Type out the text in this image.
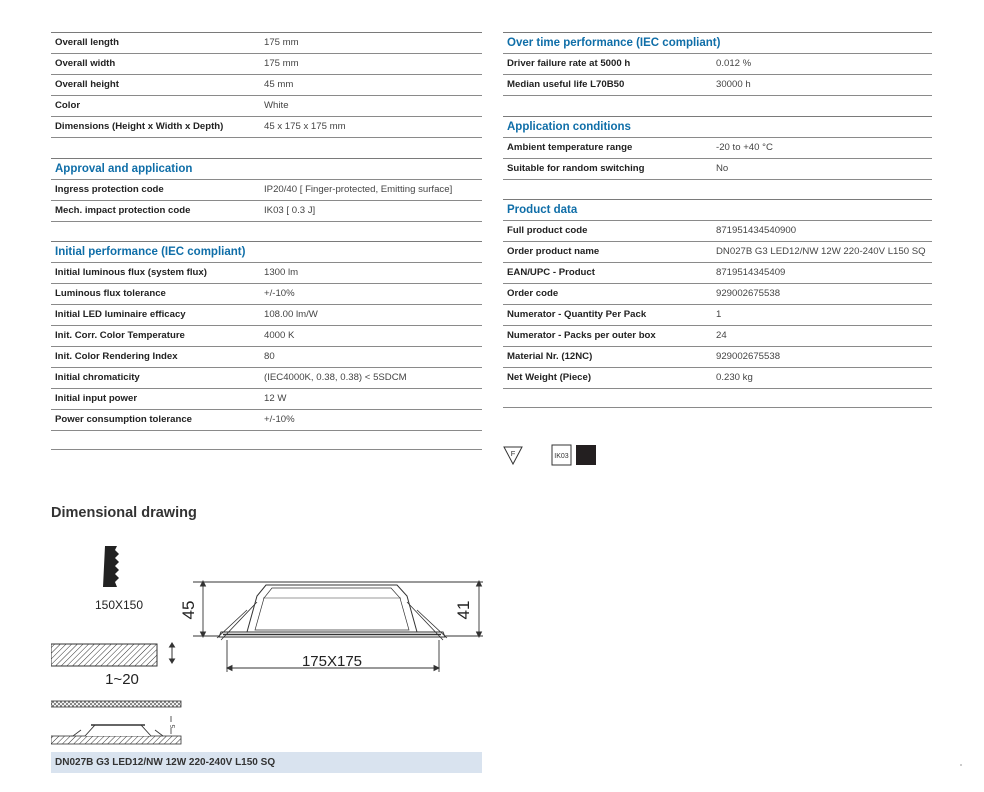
Overall length	175 mm
Overall width	175 mm
Overall height	45 mm
Color	White
Dimensions (Height x Width x Depth)	45 x 175 x 175 mm
Approval and application
Ingress protection code	IP20/40 [ Finger-protected, Emitting surface]
Mech. impact protection code	IK03 [ 0.3 J]
Initial performance (IEC compliant)
Initial luminous flux (system flux)	1300 lm
Luminous flux tolerance	+/-10%
Initial LED luminaire efficacy	108.00 lm/W
Init. Corr. Color Temperature	4000 K
Init. Color Rendering Index	80
Initial chromaticity	(IEC4000K, 0.38, 0.38) < 5SDCM
Initial input power	12 W
Power consumption tolerance	+/-10%
Over time performance (IEC compliant)
Driver failure rate at 5000 h	0.012 %
Median useful life L70B50	30000 h
Application conditions
Ambient temperature range	-20 to +40 °C
Suitable for random switching	No
Product data
Full product code	871951434540900
Order product name	DN027B G3 LED12/NW 12W 220-240V L150 SQ
EAN/UPC - Product	8719514345409
Order code	929002675538
Numerator - Quantity Per Pack	1
Numerator - Packs per outer box	24
Material Nr. (12NC)	929002675538
Net Weight (Piece)	0.230 kg
F	IK03
Dimensional drawing
150X150
1~20
5
45	41
175X175
DN027B G3 LED12/NW 12W 220-240V L150 SQ
